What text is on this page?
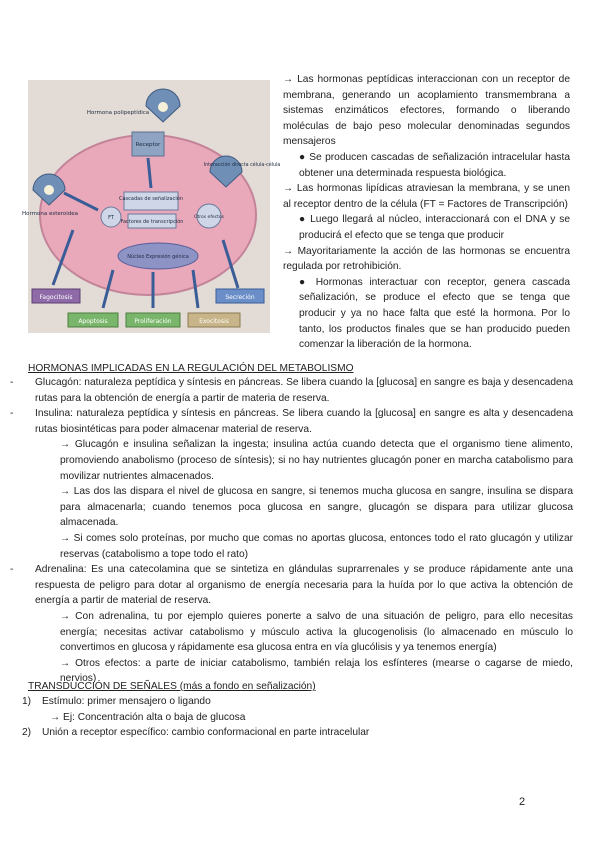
Receptor
Cascadas de señalización
Factores de transcripción
Núcleo Expresión génica
Otros efectos
FT
Fagocitosis	Secreción
Apoptosis	Proliferación	Exocitosis
Hormona polipeptídica
Hormona esteroidea
Interacción directa célula-célula

→ Las hormonas peptídicas interaccionan con un receptor de membrana, generando un acoplamiento transmembrana a sistemas enzimáticos efectores, formando o liberando moléculas de bajo peso molecular denominadas segundos mensajeros

● Se producen cascadas de señalización intracelular hasta obtener una determinada respuesta biológica.

→ Las hormonas lipídicas atraviesan la membrana, y se unen al receptor dentro de la célula (FT = Factores de Transcripción)

● Luego llegará al núcleo, interaccionará con el DNA y se producirá el efecto que se tenga que producir

→ Mayoritariamente la acción de las hormonas se encuentra regulada por retrohibición.

● Hormonas interactuar con receptor, genera cascada señalización, se produce el efecto que se tenga que producir y ya no hace falta que esté la hormona. Por lo tanto, los productos finales que se han producido pueden comenzar la liberación de la hormona.

HORMONAS IMPLICADAS EN LA REGULACIÓN DEL METABOLISMO
- Glucagón: naturaleza peptídica y síntesis en páncreas. Se libera cuando la [glucosa] en sangre es baja y desencadena rutas para la obtención de energía a partir de materia de reserva.
- Insulina: naturaleza peptídica y síntesis en páncreas. Se libera cuando la [glucosa] en sangre es alta y desencadena rutas biosintéticas para poder almacenar material de reserva.
→ Glucagón e insulina señalizan la ingesta; insulina actúa cuando detecta que el organismo tiene alimento, promoviendo anabolismo (proceso de síntesis); si no hay nutrientes glucagón poner en marcha catabolismo para movilizar nutrientes almacenados.
→ Las dos las dispara el nivel de glucosa en sangre, si tenemos mucha glucosa en sangre, insulina se dispara para almacenarla; cuando tenemos poca glucosa en sangre, glucagón se dispara para utilizar glucosa almacenada.
→ Si comes solo proteínas, por mucho que comas no aportas glucosa, entonces todo el rato glucagón y utilizar reservas (catabolismo a tope todo el rato)
- Adrenalina: Es una catecolamina que se sintetiza en glándulas suprarrenales y se produce rápidamente ante una respuesta de peligro para dotar al organismo de energía necesaria para la huída por lo que activa la obtención de energía a partir de material de reserva.
→ Con adrenalina, tu por ejemplo quieres ponerte a salvo de una situación de peligro, para ello necesitas energía; necesitas activar catabolismo y músculo activa la glucogenolisis (lo almacenado en músculo lo convertimos en glucosa y rápidamente esa glucosa entra en vía glucólisis y ya tenemos energía)
→ Otros efectos: a parte de iniciar catabolismo, también relaja los esfínteres (mearse o cagarse de miedo, nervios)
TRANSDUCCIÓN DE SEÑALES (más a fondo en señalización)
1) Estímulo: primer mensajero o ligando
→ Ej: Concentración alta o baja de glucosa
2) Unión a receptor específico: cambio conformacional en parte intracelular
2
